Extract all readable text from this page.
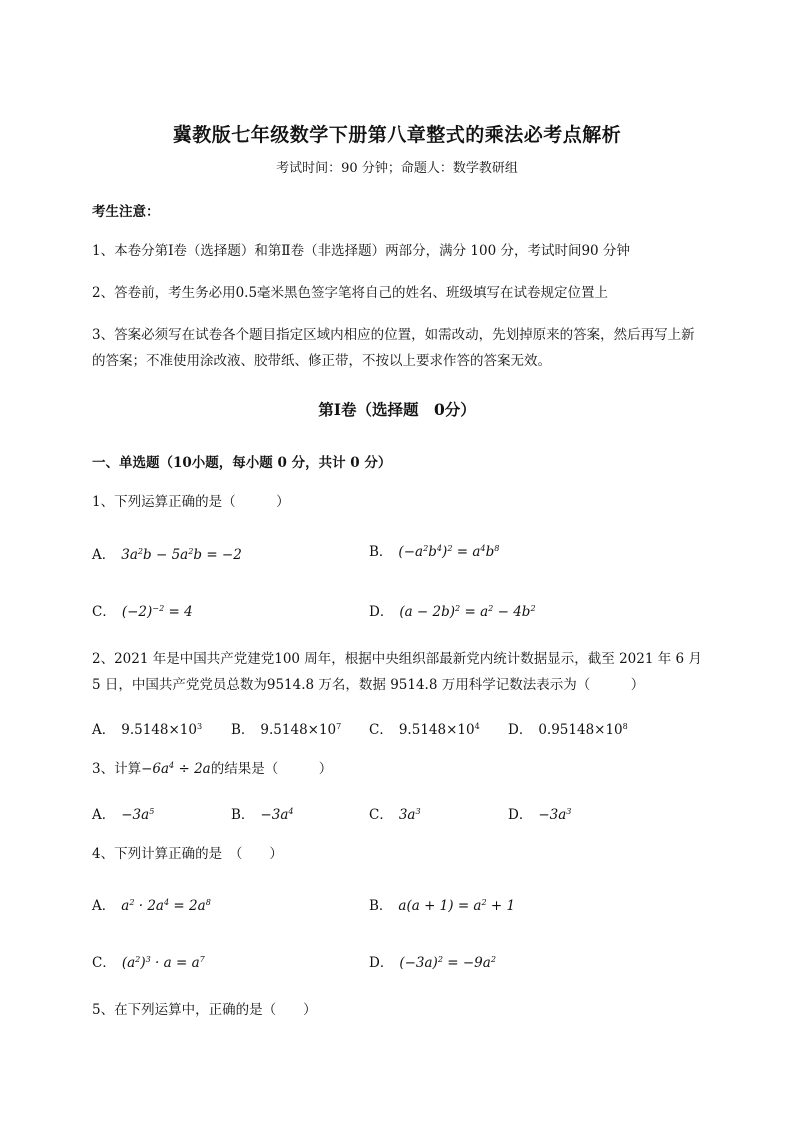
冀教版七年级数学下册第八章整式的乘法必考点解析
考试时间：90 分钟；命题人：数学教研组
考生注意：
1、本卷分第Ⅰ卷（选择题）和第Ⅱ卷（非选择题）两部分，满分 100 分，考试时间90 分钟
2、答卷前，考生务必用0.5毫米黑色签字笔将自己的姓名、班级填写在试卷规定位置上
3、答案必须写在试卷各个题目指定区域内相应的位置，如需改动，先划掉原来的答案，然后再写上新
的答案；不准使用涂改液、胶带纸、修正带，不按以上要求作答的答案无效。
第Ⅰ卷（选择题　0分）
一、单选题（10小题，每小题 0 分，共计 0 分）
1、下列运算正确的是（　　　）
A． $3a^2b - 5a^2b = -2$	B． $(-a^2b^4)^2 = a^4b^8$
C． $(-2)^{-2} = 4$	D． $(a - 2b)^2 = a^2 - 4b^2$
2、2021 年是中国共产党建党100 周年，根据中央组织部最新党内统计数据显示，截至 2021 年 6 月
5 日，中国共产党党员总数为9514.8 万名，数据 9514.8 万用科学记数法表示为（　　　）
A． $9.5148\times 10^3$ B． $9.5148\times 10^7$ C． $9.5148\times 10^4$ D． $0.95148\times 10^8$
3、计算$-6a^4 \div 2a$的结果是（　　　）
A． $-3a^5$	B． $-3a^4$	C． $3a^3$	D． $-3a^3$
4、下列计算正确的是　（　　）
A． $a^2 \cdot 2a^4 = 2a^8$	B． $a(a + 1) = a^2 + 1$
C． $(a^2)^3 \cdot a = a^7$	D． $(-3a)^2 = -9a^2$
5、在下列运算中，正确的是（　　）
